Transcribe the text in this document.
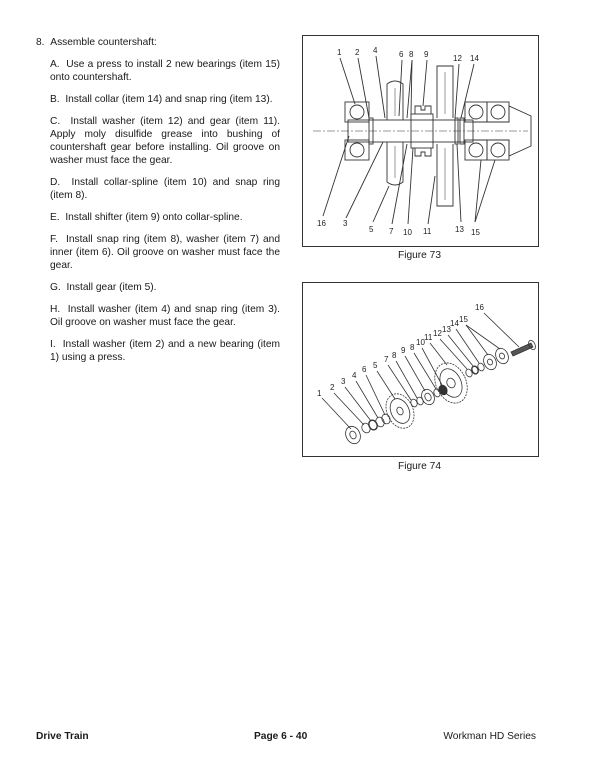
8. Assemble countershaft:
A. Use a press to install 2 new bearings (item 15) onto countershaft.
B. Install collar (item 14) and snap ring (item 13).
C. Install washer (item 12) and gear (item 11). Apply moly disulfide grease into bushing of countershaft gear before installing. Oil groove on washer must face the gear.
D. Install collar-spline (item 10) and snap ring (item 8).
E. Install shifter (item 9) onto collar-spline.
F. Install snap ring (item 8), washer (item 7) and inner (item 6). Oil groove on washer must face the gear.
G. Install gear (item 5).
H. Install washer (item 4) and snap ring (item 3). Oil groove on washer must face the gear.
I. Install washer (item 2) and a new bearing (item 1) using a press.
1 2 4	6 8 9	12 14
16 3
5 7 10 11	13 15
Figure 73
1
2
3
4
6 5
7 8
9 8
10
11 12 13
14 15
16
Figure 74
Drive Train	Page 6 - 40	Workman HD Series
